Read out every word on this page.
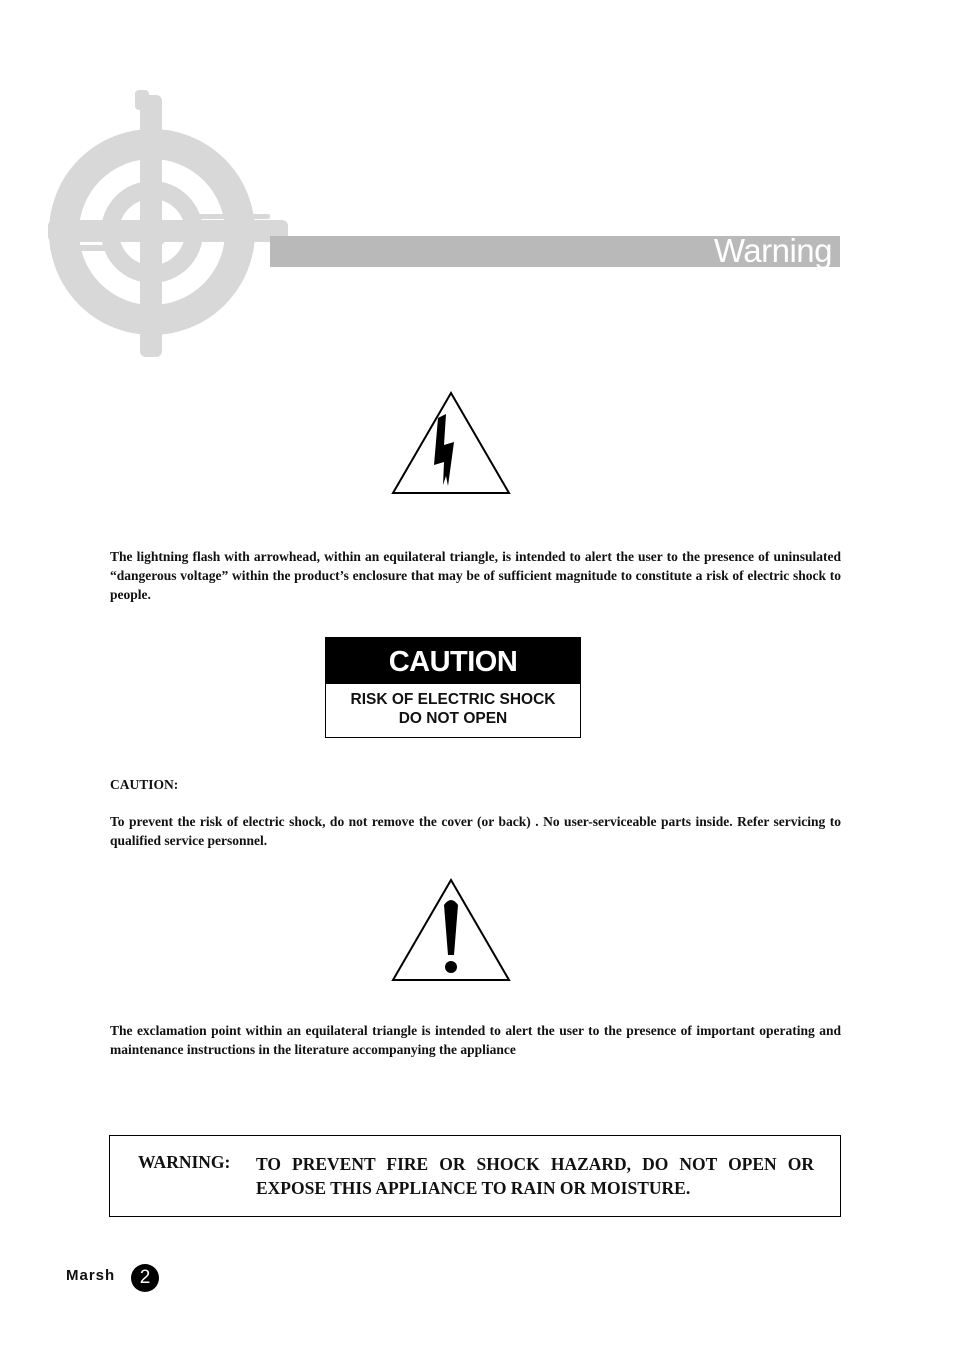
Warning

The lightning flash with arrowhead, within an equilateral triangle, is intended to alert the user to the presence of uninsulated “dangerous voltage” within the product’s enclosure that may be of sufficient magnitude to constitute a risk of electric shock to people.

CAUTION
RISK OF ELECTRIC SHOCK
DO NOT OPEN

CAUTION:

To prevent the risk of electric shock, do not remove the cover (or back) . No user-serviceable parts inside. Refer servicing to qualified service personnel.

The exclamation point within an equilateral triangle is intended to alert the user to the presence of important operating and maintenance instructions in the literature accompanying the appliance

WARNING: TO PREVENT FIRE OR SHOCK HAZARD, DO NOT OPEN OR
EXPOSE THIS APPLIANCE TO RAIN OR MOISTURE.
Marsh	2
